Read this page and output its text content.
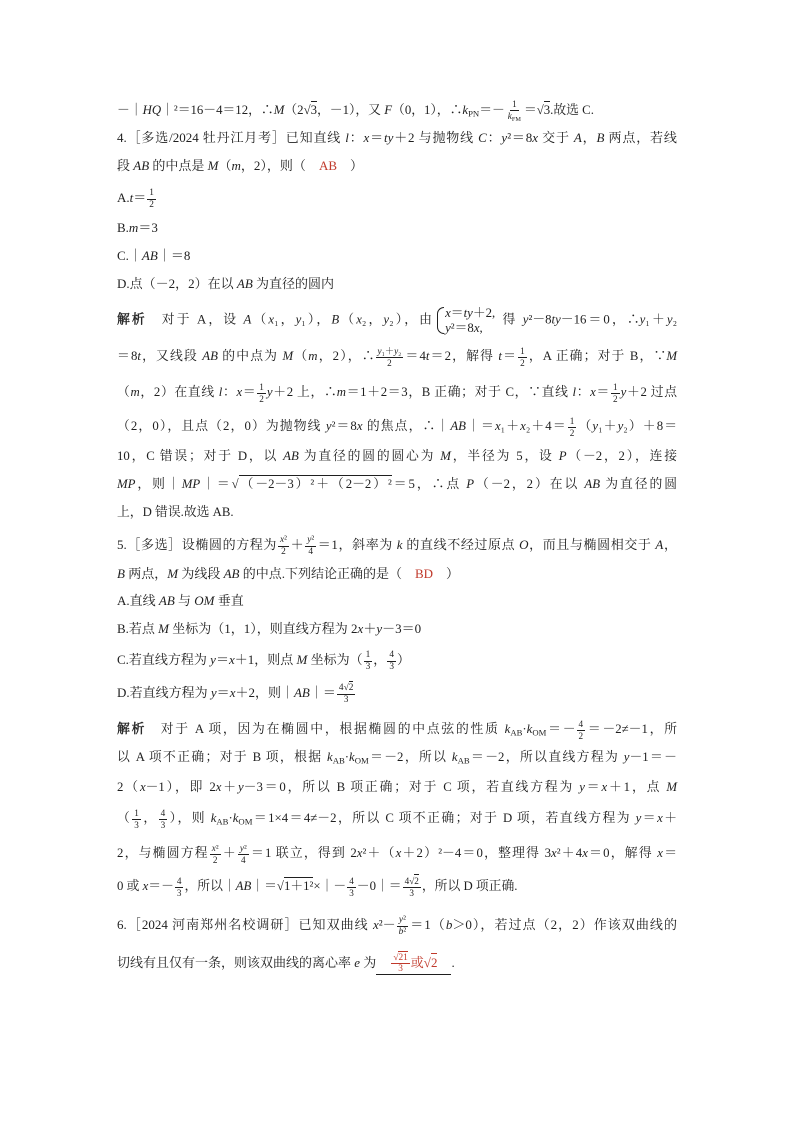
－｜HQ｜²＝16－4＝12，∴M（2√3，－1），又 F（0，1），$\therefore k_{PN}=- \frac{1}{k_{FM}} =√3$.故选 C.
4.［多选/2024 牡丹江月考］已知直线 l：x＝ty＋2 与抛物线 C：y²＝8x 交于 A，B 两点，若线
段 AB 的中点是 M（m，2），则（　AB　）
$A.t= \frac{1}{2}$
B.m＝3
C.｜AB｜＝8
D.点（－2，2）在以 AB 为直径的圆内
解析　对于 A，设 A（x₁，y₁），B（x₂，y₂），由 x＝ty＋2,
y²＝8x,
得 y²－8ty－16＝0，∴y₁＋y₂
＝8t，又线段 AB 的中点为 M（m，2），∴ $\frac{\text{y₁＋y₂}}{2} =4t=2$，解得 $t= \frac{1}{2}$ ，A 正确；对于 B，∵M
（m，2）在直线 l：$x= \frac{1}{2} y+2$ 上，∴m＝1＋2＝3，B 正确；对于 C，∵直线 l：$x= \frac{1}{2} y+2$ 过点
（2，0），且点（2，0）为抛物线 y²＝8x 的焦点，∴｜AB｜＝x₁＋x₂＋4＝ $\frac{1}{2} (y_1+y_2)+8=$
10，C 错误；对于 D，以 AB 为直径的圆的圆心为 M，半径为 5，设 P（－2，2），连接
MP，则｜MP｜＝√（－2－3）²＋（2－2）²＝5，∴点 P（－2，2）在以 AB 为直径的圆
上，D 错误.故选 AB.
5.［多选］设椭圆的方程为 $\frac{\text{x²}}{2} + \frac{\text{y²}}{4} =1$，斜率为 k 的直线不经过原点 O，而且与椭圆相交于 A，
B 两点，M 为线段 AB 的中点.下列结论正确的是（　BD　）
A.直线 AB 与 OM 垂直
B.若点 M 坐标为（1，1），则直线方程为 2x＋y－3＝0
C.若直线方程为 y＝x＋1，则点 M 坐标为（ $\frac{1}{3}$ ， $\frac{4}{3}$ ）
D.若直线方程为 y＝x＋2，则｜AB｜＝ $\frac{4√2}{3}$
解析　对于 A 项，因为在椭圆中，根据椭圆的中点弦的性质 $k_{AB}\cdot k_{OM}=- \frac{4}{2} =-2\ne-1$，所
以 A 项不正确；对于 B 项，根据 $k_{AB}\cdot k_{OM}=-2$，所以 $k_{AB}=-2$，所以直线方程为 y－1＝－
2（x－1），即 2x＋y－3＝0，所以 B 项正确；对于 C 项，若直线方程为 y＝x＋1，点 M
（ $\frac{1}{3}$ ， $\frac{4}{3}$ ），则 $k_{AB}\cdot k_{OM}=1\times 4=4\ne-2$，所以 C 项不正确；对于 D 项，若直线方程为 y＝x＋
2，与椭圆方程 $\frac{\text{x²}}{2} + \frac{\text{y²}}{4} =1$ 联立，得到 2x²＋（x＋2）²－4＝0，整理得 3x²＋4x＝0，解得 x＝
0 或 $x=- \frac{4}{3}$ ，所以｜AB｜＝√1＋1²×｜－ $\frac{4}{3}$ －0｜＝ $\frac{4√2}{3}$ ，所以 D 项正确.
6.［2024 河南郑州名校调研］已知双曲线 $x^2- \frac{\text{y²}}{\text{b²}} =1(b>0)$，若过点（2，2）作该双曲线的
切线有且仅有一条，则该双曲线的离心率 e 为 $\frac{√21}{3}$ 或√2 .
